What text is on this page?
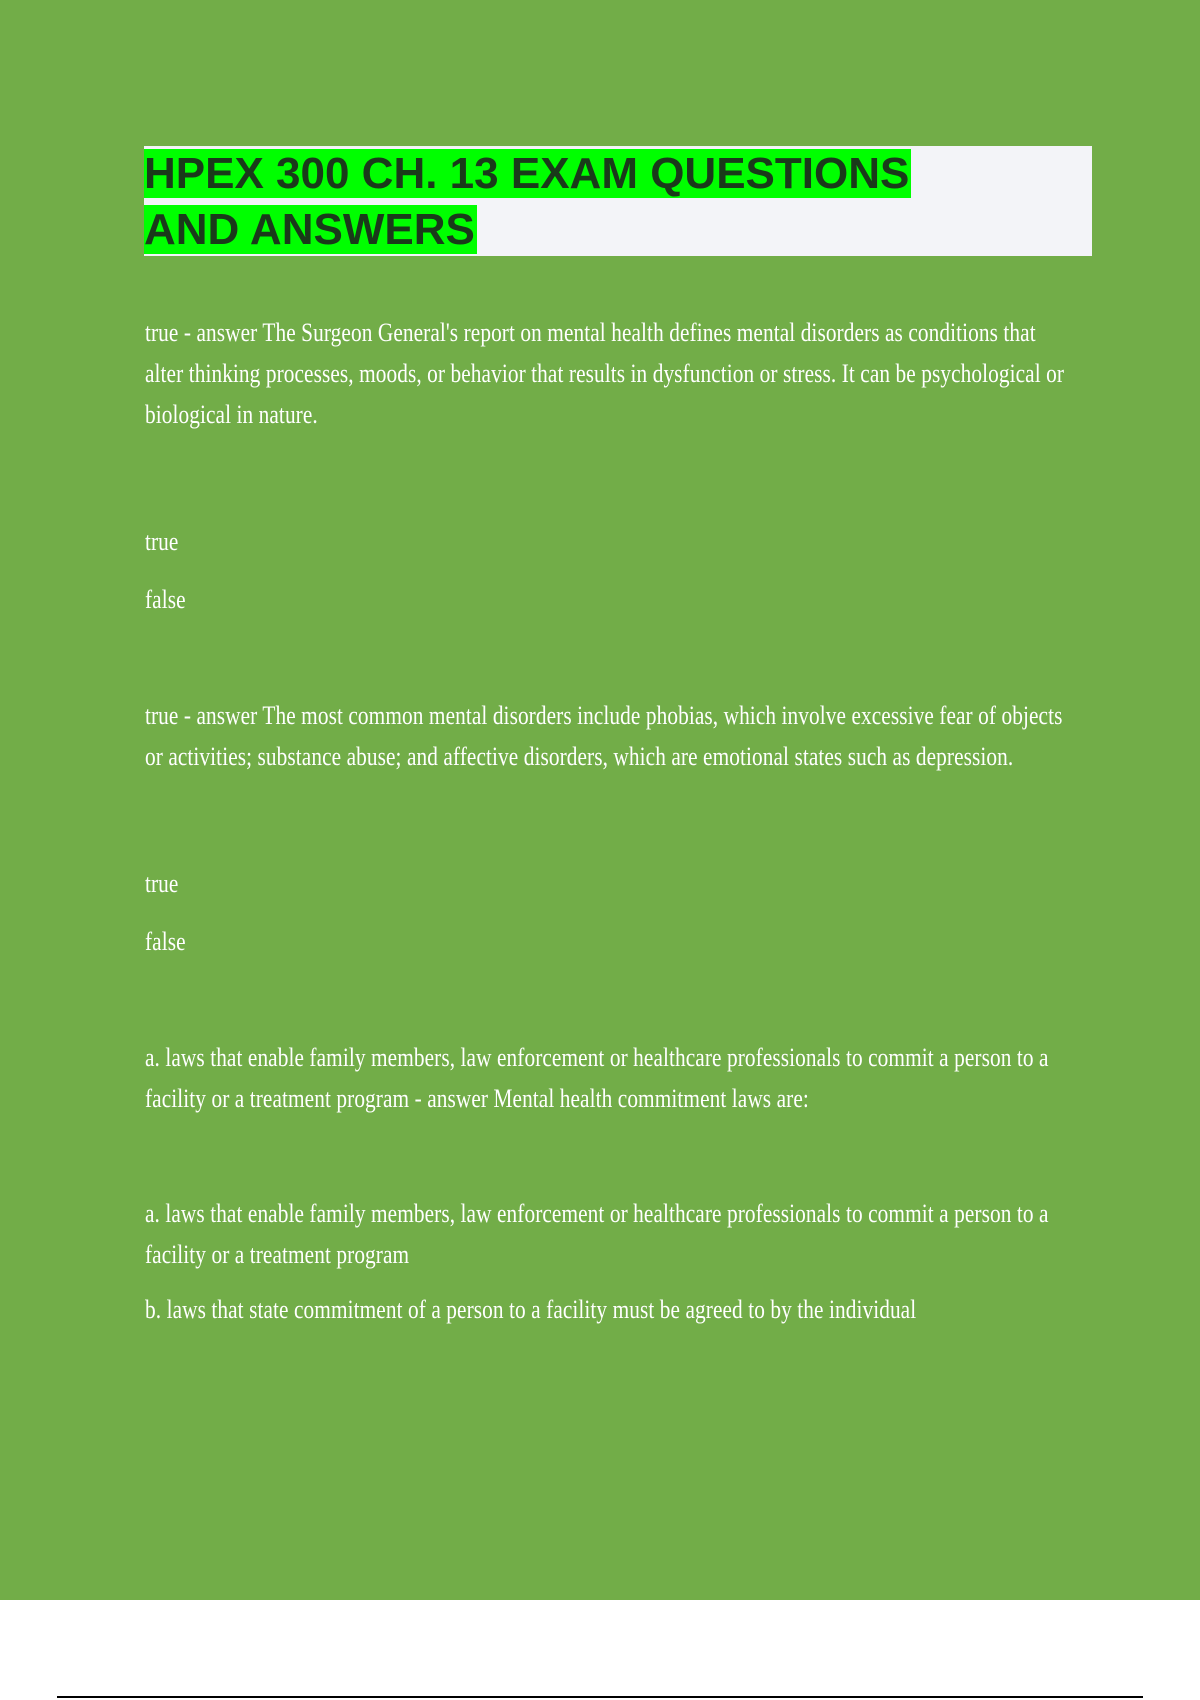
HPEX 300 CH. 13 EXAM QUESTIONS
AND ANSWERS
true - answer The Surgeon General's report on mental health defines mental disorders as conditions that alter thinking processes, moods, or behavior that results in dysfunction or stress. It can be psychological or biological in nature.
true
false
true - answer The most common mental disorders include phobias, which involve excessive fear of objects or activities; substance abuse; and affective disorders, which are emotional states such as depression.
true
false
a. laws that enable family members, law enforcement or healthcare professionals to commit a person to a facility or a treatment program - answer Mental health commitment laws are:
a. laws that enable family members, law enforcement or healthcare professionals to commit a person to a facility or a treatment program
b. laws that state commitment of a person to a facility must be agreed to by the individual
